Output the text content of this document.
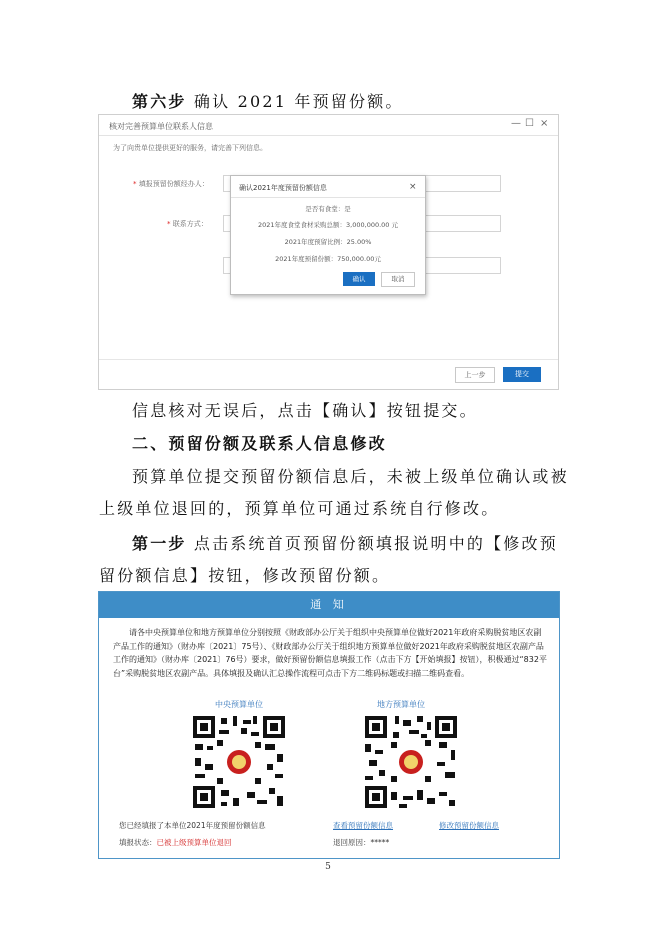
第六步 确认 2021 年预留份额。
核对完善预算单位联系人信息	— ☐ ×
为了向贵单位提供更好的服务，请完善下列信息。
* 填报预留份额经办人：
* 联系方式：
确认2021年度预留份额信息	×
是否有食堂：是
2021年度食堂食材采购总额：3,000,000.00 元
2021年度预留比例：25.00%
2021年度预留份额：750,000.00元
确认	取消
上一步	提交
信息核对无误后，点击【确认】按钮提交。
二、预留份额及联系人信息修改
预算单位提交预留份额信息后，未被上级单位确认或被
上级单位退回的，预算单位可通过系统自行修改。
第一步 点击系统首页预留份额填报说明中的【修改预
留份额信息】按钮，修改预留份额。
通 知
请各中央预算单位和地方预算单位分别按照《财政部办公厅关于组织中央预算单位做好2021年政府采购脱贫地区农副产品工作的通知》（财办库〔2021〕75号）、《财政部办公厅关于组织地方预算单位做好2021年政府采购脱贫地区农副产品工作的通知》（财办库〔2021〕76号）要求，做好预留份额信息填报工作（点击下方【开始填报】按钮），积极通过“832平台”采购脱贫地区农副产品。具体填报及确认汇总操作流程可点击下方二维码标题或扫描二维码查看。
中央预算单位	地方预算单位
您已经填报了本单位2021年度预留份额信息
填报状态：已被上级预算单位退回
查看预留份额信息	修改预留份额信息
退回原因：*****
5
